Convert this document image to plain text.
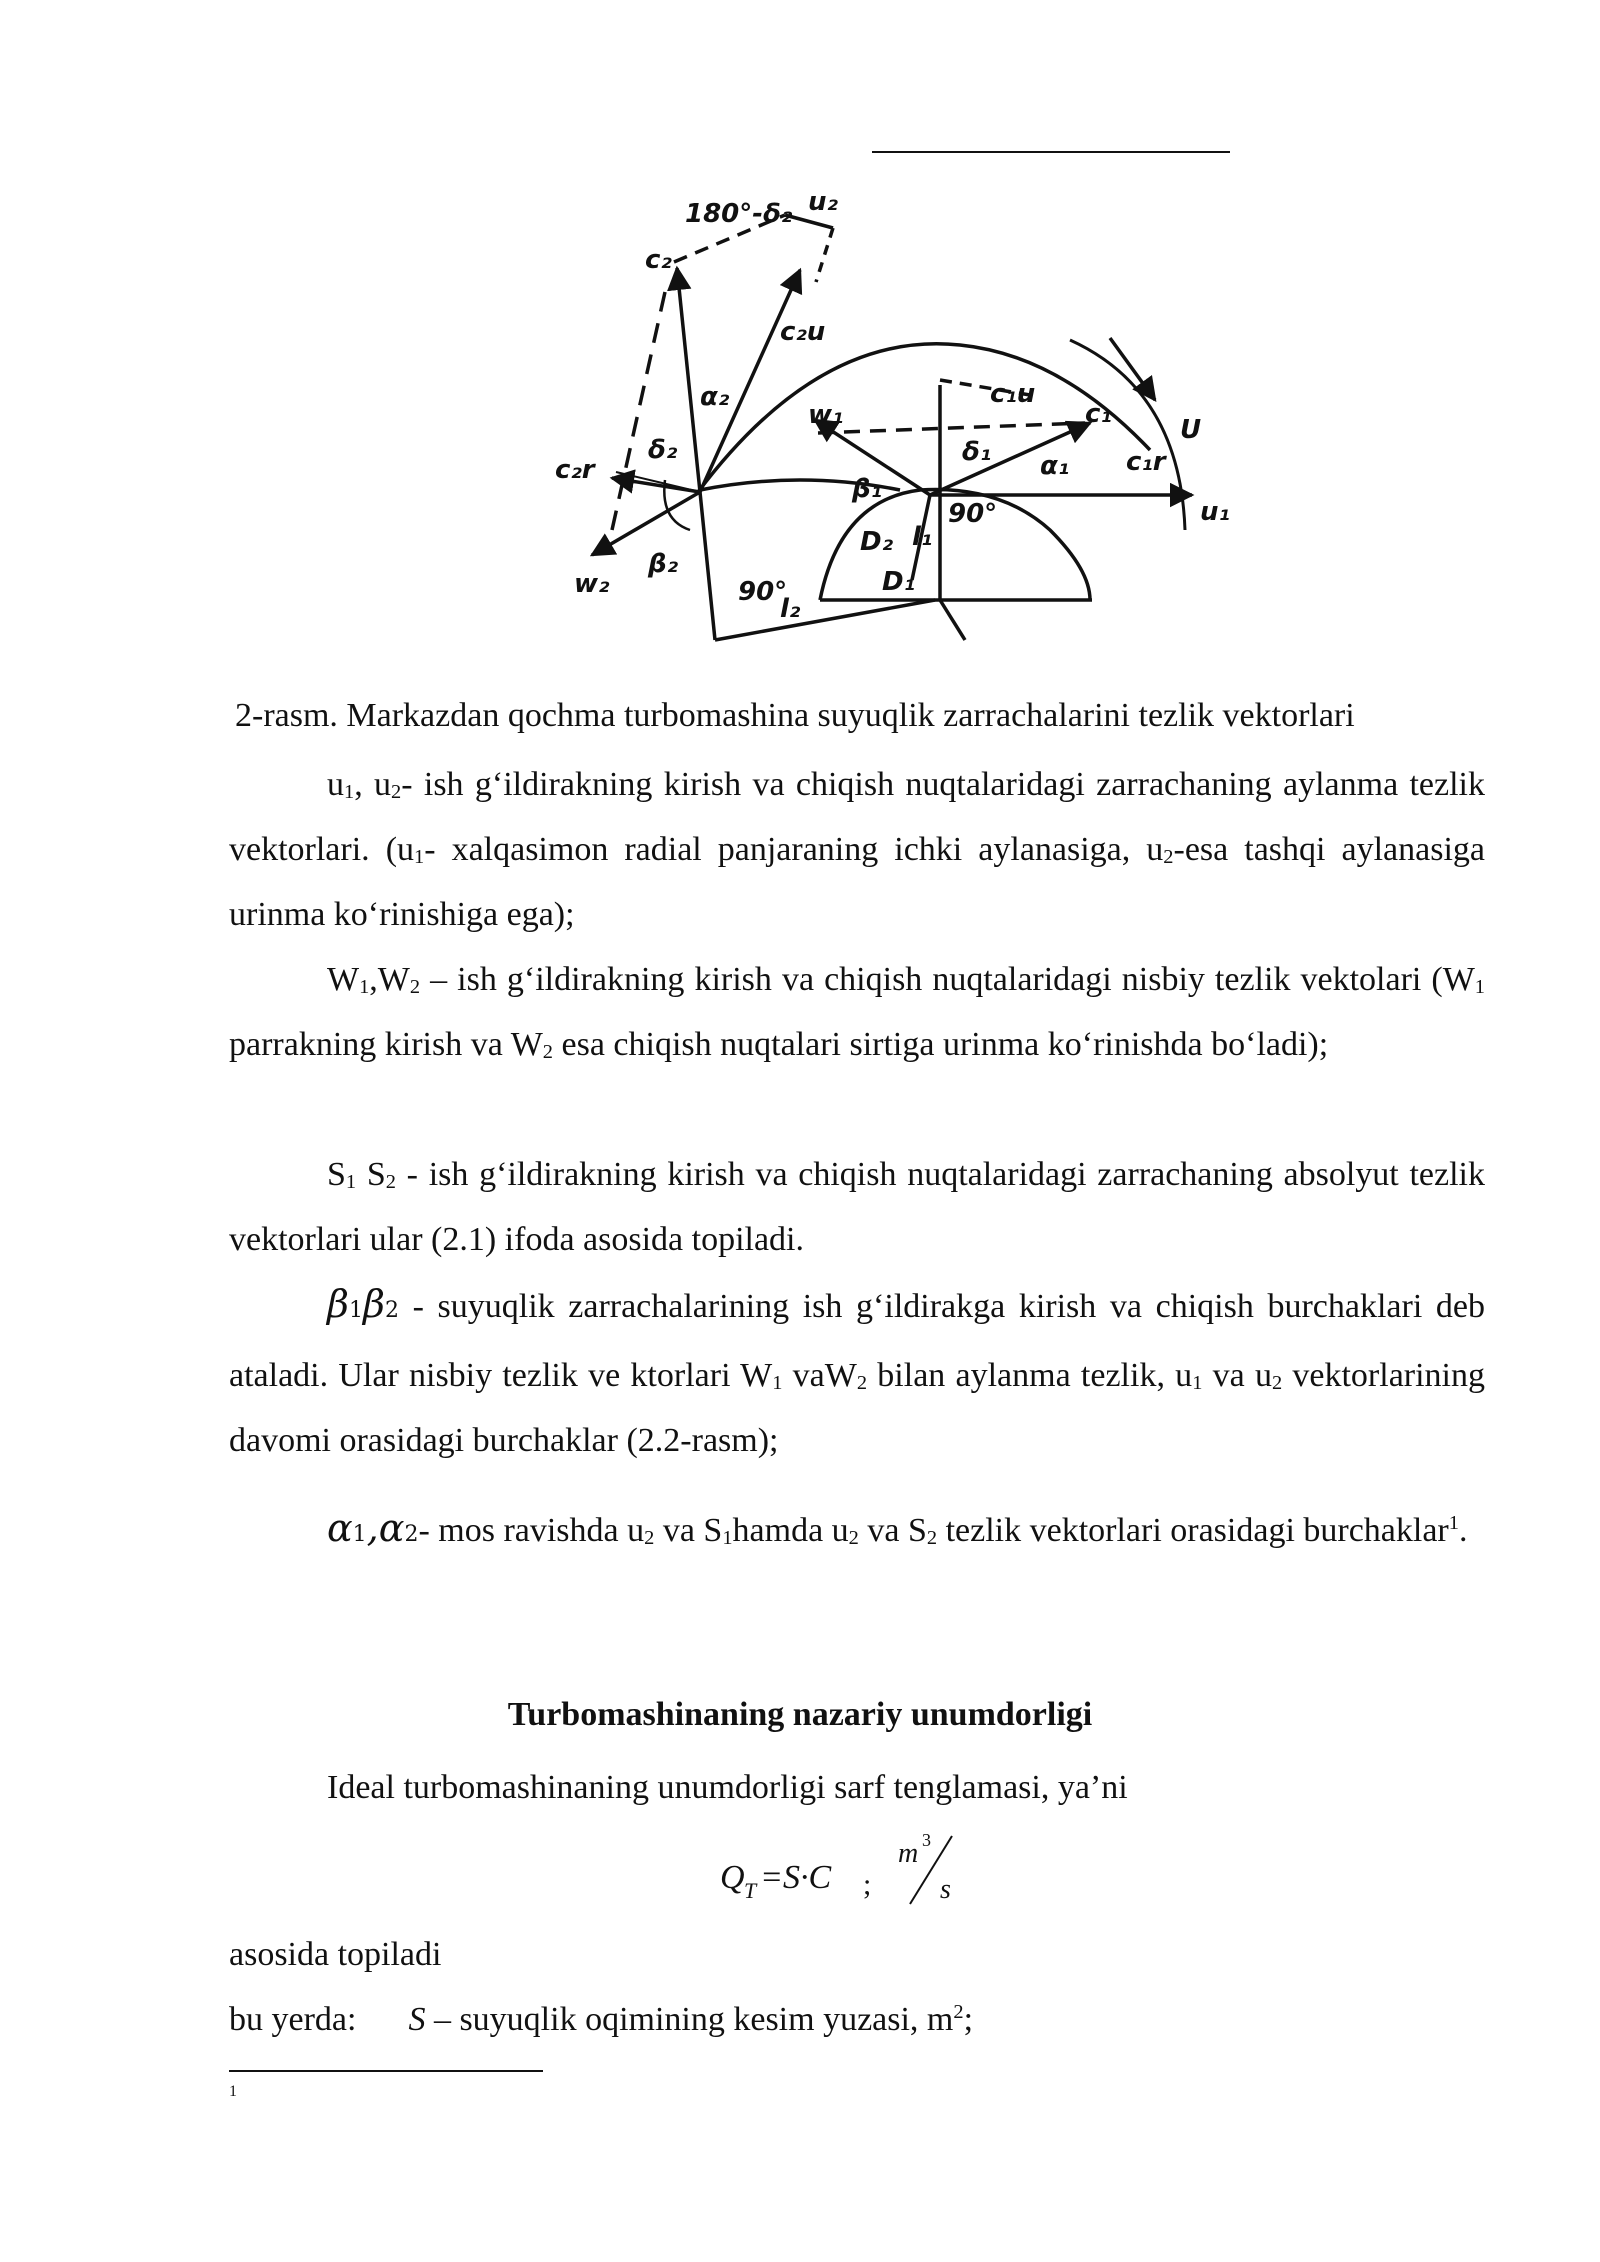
180°-δ₂ u₂
c₂
c₂u
c₂r
α₂
δ₂
β₂
w₂
l₂
90°
w₁
c₁u
c₁
c₁r
U
u₁
δ₁ α₁
β₁
90°
D₁
D₂ l₁
2-rasm. Markazdan qochma turbomashina suyuqlik zarrachalarini tezlik vektorlari

$u_1$, $u_2-$ ish g‘ildirakning kirish va chiqish nuqtalaridagi zarrachaning aylanma tezlik vektorlari. ($u_1-$ xalqasimon radial panjaraning ichki aylanasiga, $u_2$-esa tashqi aylanasiga urinma ko‘rinishiga ega);

$W_1,W_2$ – ish g‘ildirakning kirish va chiqish nuqtalaridagi nisbiy tezlik vektolari ($W_1$ parrakning kirish va $W_2$ esa chiqish nuqtalari sirtiga urinma ko‘rinishda bo‘ladi);

$S_1$ $S_2$ - ish g‘ildirakning kirish va chiqish nuqtalaridagi zarrachaning absolyut tezlik vektorlari ular (2.1) ifoda asosida topiladi.

β1β2 - suyuqlik zarrachalarining ish g‘ildirakga kirish va chiqish burchaklari deb ataladi. Ular nisbiy tezlik ve ktorlari $W_1$ vaW$_2$ bilan aylanma tezlik, $u_1$ va $u_2$ vektorlarining davomi orasidagi burchaklar (2.2-rasm);

α1,α2- mos ravishda $u_2$ va $S_1hamda$ $u_2$ va $S_2$ tezlik vektorlari orasidagi burchaklar$^1$.

Turbomashinaning nazariy unumdorligi

Ideal turbomashinaning unumdorligi sarf tenglamasi, ya’ni

Q T =S·C ;
m 3
s

asosida topiladi

bu yerda: S – suyuqlik oqimining kesim yuzasi, $m^2$;

1
